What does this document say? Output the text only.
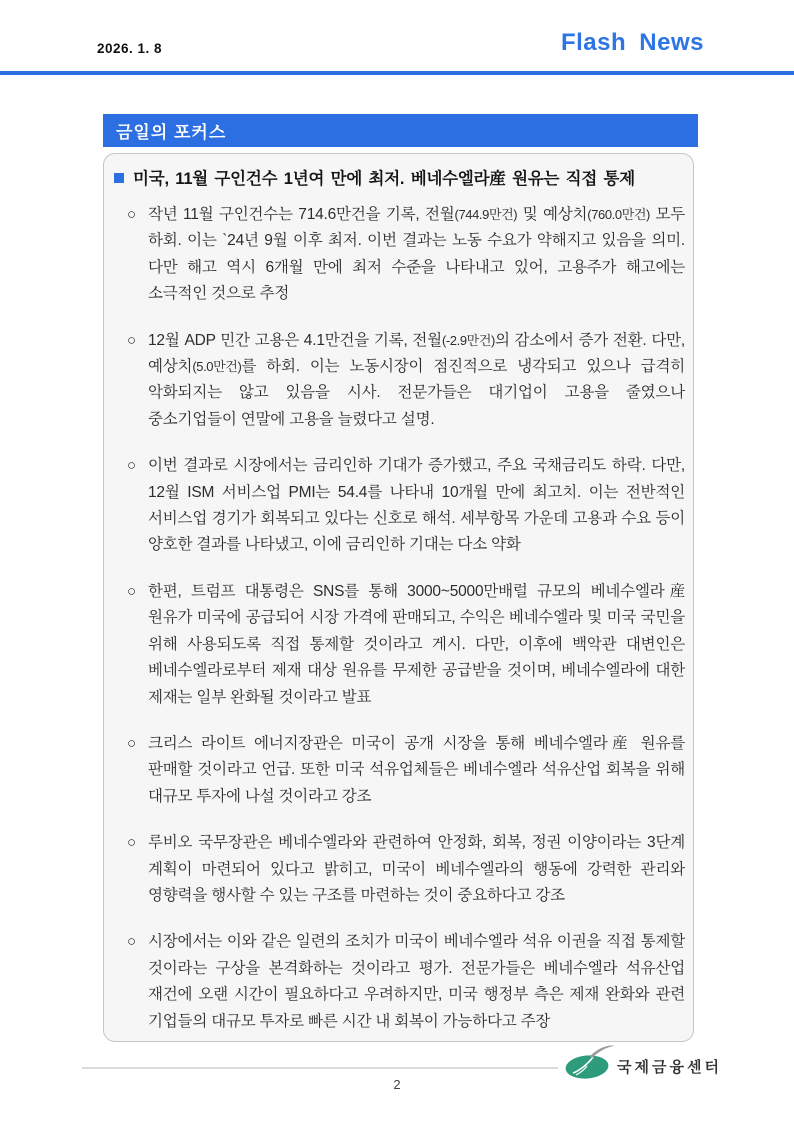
2026. 1. 8	Flash News
금일의 포커스
미국, 11월 구인건수 1년여 만에 최저. 베네수엘라産 원유는 직접 통제
○ 작년 11월 구인건수는 714.6만건을 기록, 전월(744.9만건) 및 예상치(760.0만건) 모두 하회. 이는 `24년 9월 이후 최저. 이번 결과는 노동 수요가 약해지고 있음을 의미. 다만 해고 역시 6개월 만에 최저 수준을 나타내고 있어, 고용주가 해고에는 소극적인 것으로 추정
○ 12월 ADP 민간 고용은 4.1만건을 기록, 전월(-2.9만건)의 감소에서 증가 전환. 다만, 예상치(5.0만건)를 하회. 이는 노동시장이 점진적으로 냉각되고 있으나 급격히 악화되지는 않고 있음을 시사. 전문가들은 대기업이 고용을 줄였으나 중소기업들이 연말에 고용을 늘렸다고 설명.
○ 이번 결과로 시장에서는 금리인하 기대가 증가했고, 주요 국채금리도 하락. 다만, 12월 ISM 서비스업 PMI는 54.4를 나타내 10개월 만에 최고치. 이는 전반적인 서비스업 경기가 회복되고 있다는 신호로 해석. 세부항목 가운데 고용과 수요 등이 양호한 결과를 나타냈고, 이에 금리인하 기대는 다소 약화
○ 한편, 트럼프 대통령은 SNS를 통해 3000~5000만배럴 규모의 베네수엘라産 원유가 미국에 공급되어 시장 가격에 판매되고, 수익은 베네수엘라 및 미국 국민을 위해 사용되도록 직접 통제할 것이라고 게시. 다만, 이후에 백악관 대변인은 베네수엘라로부터 제재 대상 원유를 무제한 공급받을 것이며, 베네수엘라에 대한 제재는 일부 완화될 것이라고 발표
○ 크리스 라이트 에너지장관은 미국이 공개 시장을 통해 베네수엘라産 원유를 판매할 것이라고 언급. 또한 미국 석유업체들은 베네수엘라 석유산업 회복을 위해 대규모 투자에 나설 것이라고 강조
○ 루비오 국무장관은 베네수엘라와 관련하여 안정화, 회복, 정권 이양이라는 3단계 계획이 마련되어 있다고 밝히고, 미국이 베네수엘라의 행동에 강력한 관리와 영향력을 행사할 수 있는 구조를 마련하는 것이 중요하다고 강조
○ 시장에서는 이와 같은 일련의 조치가 미국이 베네수엘라 석유 이권을 직접 통제할 것이라는 구상을 본격화하는 것이라고 평가. 전문가들은 베네수엘라 석유산업 재건에 오랜 시간이 필요하다고 우려하지만, 미국 행정부 측은 제재 완화와 관련 기업들의 대규모 투자로 빠른 시간 내 회복이 가능하다고 주장
국제금융센터
2
